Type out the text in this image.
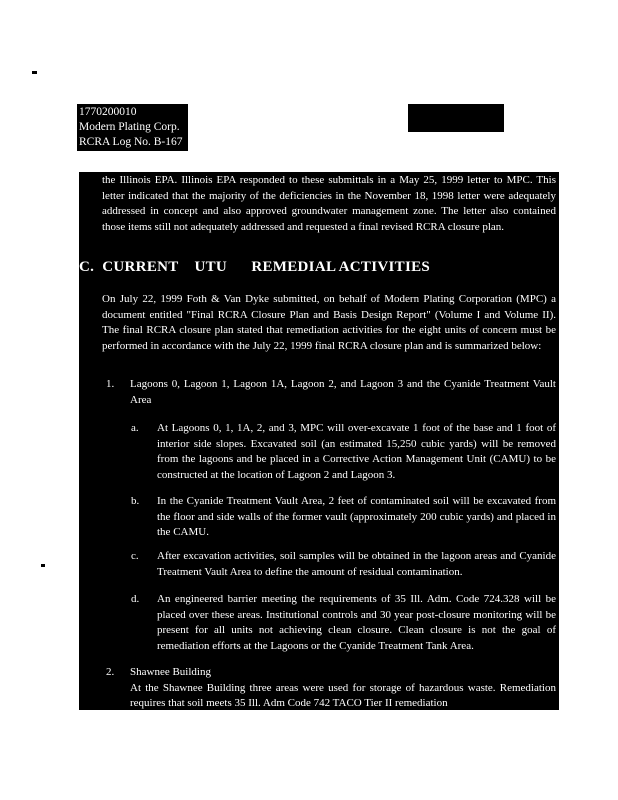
1770200010
Modern Plating Corp.
RCRA Log No. B-167
the Illinois EPA. Illinois EPA responded to these submittals in a May 25, 1999 letter to MPC. This letter indicated that the majority of the deficiencies in the November 18, 1998 letter were adequately addressed in concept and also approved groundwater management zone. The letter also contained those items still not adequately addressed and requested a final revised RCRA closure plan.
C.  CURRENT    UTU      REMEDIAL ACTIVITIES
On July 22, 1999 Foth & Van Dyke submitted, on behalf of Modern Plating Corporation (MPC) a document entitled "Final RCRA Closure Plan and Basis Design Report" (Volume I and Volume II). The final RCRA closure plan stated that remediation activities for the eight units of concern must be performed in accordance with the July 22, 1999 final RCRA closure plan and is summarized below:
1. Lagoons 0, Lagoon 1, Lagoon 1A, Lagoon 2, and Lagoon 3 and the Cyanide Treatment Vault Area
a. At Lagoons 0, 1, 1A, 2, and 3, MPC will over-excavate 1 foot of the base and 1 foot of interior side slopes. Excavated soil (an estimated 15,250 cubic yards) will be removed from the lagoons and be placed in a Corrective Action Management Unit (CAMU) to be constructed at the location of Lagoon 2 and Lagoon 3.
b. In the Cyanide Treatment Vault Area, 2 feet of contaminated soil will be excavated from the floor and side walls of the former vault (approximately 200 cubic yards) and placed in the CAMU.
c. After excavation activities, soil samples will be obtained in the lagoon areas and Cyanide Treatment Vault Area to define the amount of residual contamination.
d. An engineered barrier meeting the requirements of 35 Ill. Adm. Code 724.328 will be placed over these areas. Institutional controls and 30 year post-closure monitoring will be present for all units not achieving clean closure. Clean closure is not the goal of remediation efforts at the Lagoons or the Cyanide Treatment Tank Area.
2. Shawnee Building
At the Shawnee Building three areas were used for storage of hazardous waste. Remediation requires that soil meets 35 Ill. Adm Code 742 TACO Tier II remediation
